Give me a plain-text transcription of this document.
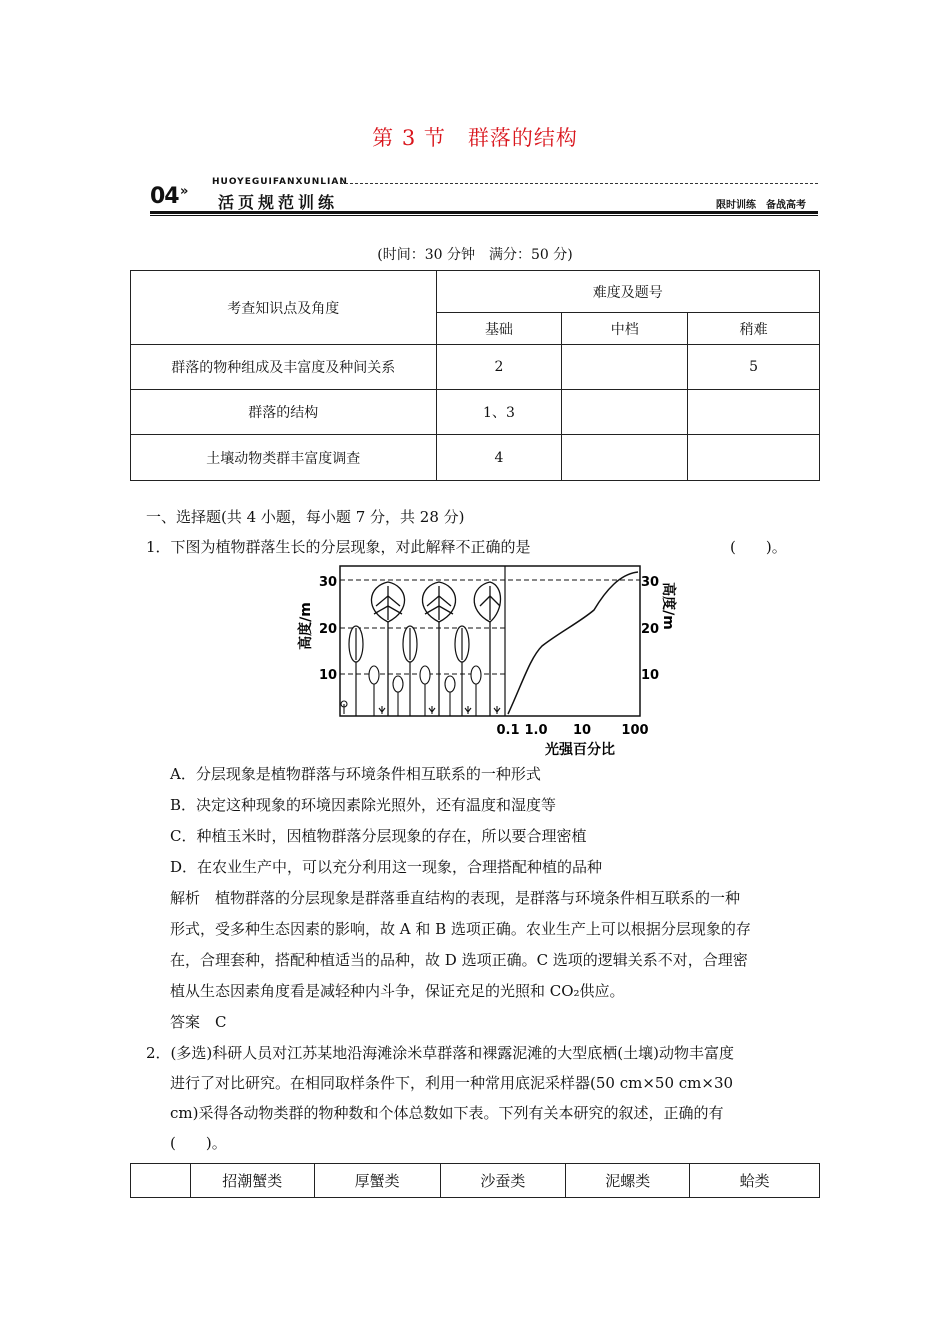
第 3 节　群落的结构
04 »
HUOYEGUIFANXUNLIAN
活页规范训练	限时训练　备战高考
(时间：30 分钟　满分：50 分)
考查知识点及角度	难度及题号		
	基础	中档	稍难
群落的物种组成及丰富度及种间关系	2		5
群落的结构	1、3		
土壤动物类群丰富度调查	4		
一、选择题(共 4 小题，每小题 7 分，共 28 分)
1．下图为植物群落生长的分层现象，对此解释不正确的是	(　　)。
高度/m
30
20
10
30
20
10
高度/m
0.1 1.0 10 100
光强百分比
A．分层现象是植物群落与环境条件相互联系的一种形式
B．决定这种现象的环境因素除光照外，还有温度和湿度等
C．种植玉米时，因植物群落分层现象的存在，所以要合理密植
D．在农业生产中，可以充分利用这一现象，合理搭配种植的品种
解析　植物群落的分层现象是群落垂直结构的表现，是群落与环境条件相互联系的一种
形式，受多种生态因素的影响，故 A 和 B 选项正确。农业生产上可以根据分层现象的存
在，合理套种，搭配种植适当的品种，故 D 选项正确。C 选项的逻辑关系不对，合理密
植从生态因素角度看是减轻种内斗争，保证充足的光照和 CO₂供应。
答案　C
2．(多选)科研人员对江苏某地沿海滩涂米草群落和裸露泥滩的大型底栖(土壤)动物丰富度
进行了对比研究。在相同取样条件下，利用一种常用底泥采样器(50 cm×50 cm×30
cm)采得各动物类群的物种数和个体总数如下表。下列有关本研究的叙述，正确的有
(　　)。
	招潮蟹类	厚蟹类	沙蚕类	泥螺类	蛤类
